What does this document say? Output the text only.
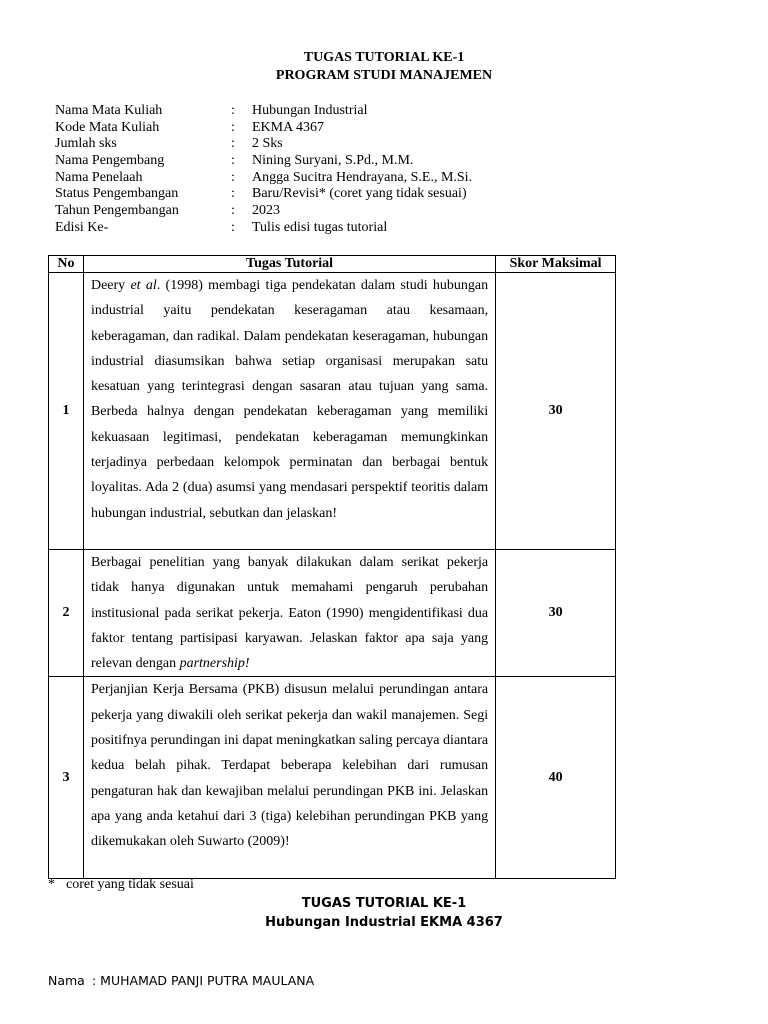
TUGAS TUTORIAL KE-1
PROGRAM STUDI MANAJEMEN
Nama Mata Kuliah	:	Hubungan Industrial
Kode Mata Kuliah	:	EKMA 4367
Jumlah sks	:	2 Sks
Nama Pengembang	:	Nining Suryani, S.Pd., M.M.
Nama Penelaah	:	Angga Sucitra Hendrayana, S.E., M.Si.
Status Pengembangan	:	Baru/Revisi* (coret yang tidak sesuai)
Tahun Pengembangan	:	2023
Edisi Ke-	:	Tulis edisi tugas tutorial
No	Tugas Tutorial	Skor Maksimal
1	Deery et al. (1998) membagi tiga pendekatan dalam studi hubungan industrial yaitu pendekatan keseragaman atau kesamaan, keberagaman, dan radikal. Dalam pendekatan keseragaman, hubungan industrial diasumsikan bahwa setiap organisasi merupakan satu kesatuan yang terintegrasi dengan sasaran atau tujuan yang sama. Berbeda halnya dengan pendekatan keberagaman yang memiliki kekuasaan legitimasi, pendekatan keberagaman memungkinkan terjadinya perbedaan kelompok perminatan dan berbagai bentuk loyalitas. Ada 2 (dua) asumsi yang mendasari perspektif teoritis dalam hubungan industrial, sebutkan dan jelaskan!	30
2	Berbagai penelitian yang banyak dilakukan dalam serikat pekerja tidak hanya digunakan untuk memahami pengaruh perubahan institusional pada serikat pekerja. Eaton (1990) mengidentifikasi dua faktor tentang partisipasi karyawan. Jelaskan faktor apa saja yang relevan dengan partnership!	30
3	Perjanjian Kerja Bersama (PKB) disusun melalui perundingan antara pekerja yang diwakili oleh serikat pekerja dan wakil manajemen. Segi positifnya perundingan ini dapat meningkatkan saling percaya diantara kedua belah pihak. Terdapat beberapa kelebihan dari rumusan pengaturan hak dan kewajiban melalui perundingan PKB ini. Jelaskan apa yang anda ketahui dari 3 (tiga) kelebihan perundingan PKB yang dikemukakan oleh Suwarto (2009)!	40
* coret yang tidak sesuai
TUGAS TUTORIAL KE-1
Hubungan Industrial EKMA 4367
Nama : MUHAMAD PANJI PUTRA MAULANA
